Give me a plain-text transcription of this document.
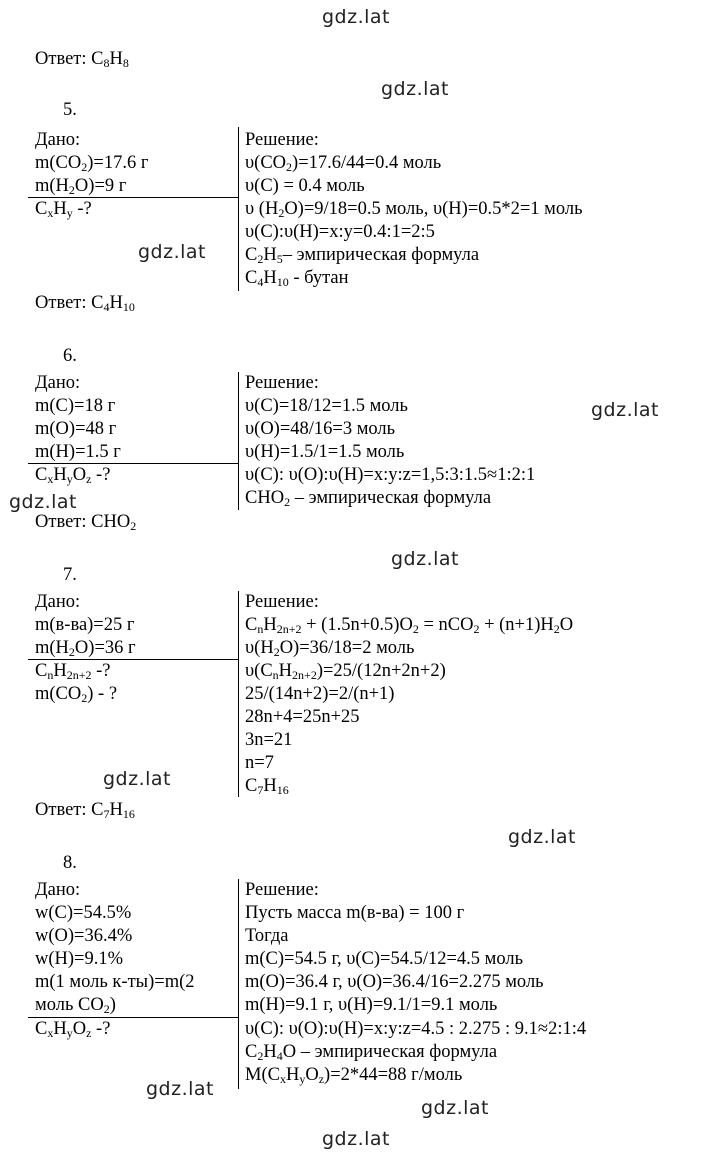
gdz.lat
gdz.lat
gdz.lat
gdz.lat
gdz.lat
gdz.lat
gdz.lat
gdz.lat
gdz.lat
gdz.lat
gdz.lat
Ответ: $C_8H_8$
5.
Дано:
$m(CO_2)=17.6$ г
$m(H_2O)=9$ г
$C_xH_y$ -?
Решение:
$\upsilon(CO_2)=17.6/44=0.4$ моль
υ(C) = 0.4 моль
υ $(H_2O)=9/18=0.5$ моль, υ(H)=0.5*2=1 моль
υ(C):υ(H)=x:y=0.4:1=2:5
$C_2H_5-$ эмпирическая формула
$C_4H_{10}$ - бутан
Ответ: $C_4H_{10}$
6.
Дано:
m(C)=18 г
m(O)=48 г
m(H)=1.5 г
$C_xH_yO_z$ -?
Решение:
υ(C)=18/12=1.5 моль
υ(O)=48/16=3 моль
υ(H)=1.5/1=1.5 моль
υ(C): υ(O):υ(H)=x:y:z=1,5:3:1.5≈1:2:1
$CHO_2$ – эмпирическая формула
Ответ: $CHO_2$
7.
Дано:
m(в-ва)=25 г
$m(H_2O)=36$ г
$C_nH_{2n+2}$ -?
$m(CO_2)$ - ?
Решение:
$C_nH_{2n+2} + (1.5n+0.5)O_2 = nCO_2 + (n+1)H_2O$
$\upsilon(H_2O)=36/18=2$ моль
$\upsilon(C_nH_{2n+2})=25/(12n+2n+2)$
25/(14n+2)=2/(n+1)
28n+4=25n+25
3n=21
n=7
$C_7H_{16}$
Ответ: $C_7H_{16}$
8.
Дано:
w(C)=54.5%
w(O)=36.4%
w(H)=9.1%
m(1 моль к-ты)=m(2
моль $CO_2$)
$C_xH_yO_z$ -?
Решение:
Пусть масса m(в-ва) = 100 г
Тогда
m(C)=54.5 г, υ(C)=54.5/12=4.5 моль
m(O)=36.4 г, υ(O)=36.4/16=2.275 моль
m(H)=9.1 г, υ(H)=9.1/1=9.1 моль
υ(C): υ(O):υ(H)=x:y:z=4.5 : 2.275 : 9.1≈2:1:4
$C_2H_4O$ – эмпирическая формула
$M(C_xH_yO_z)=2*44=88$ г/моль
